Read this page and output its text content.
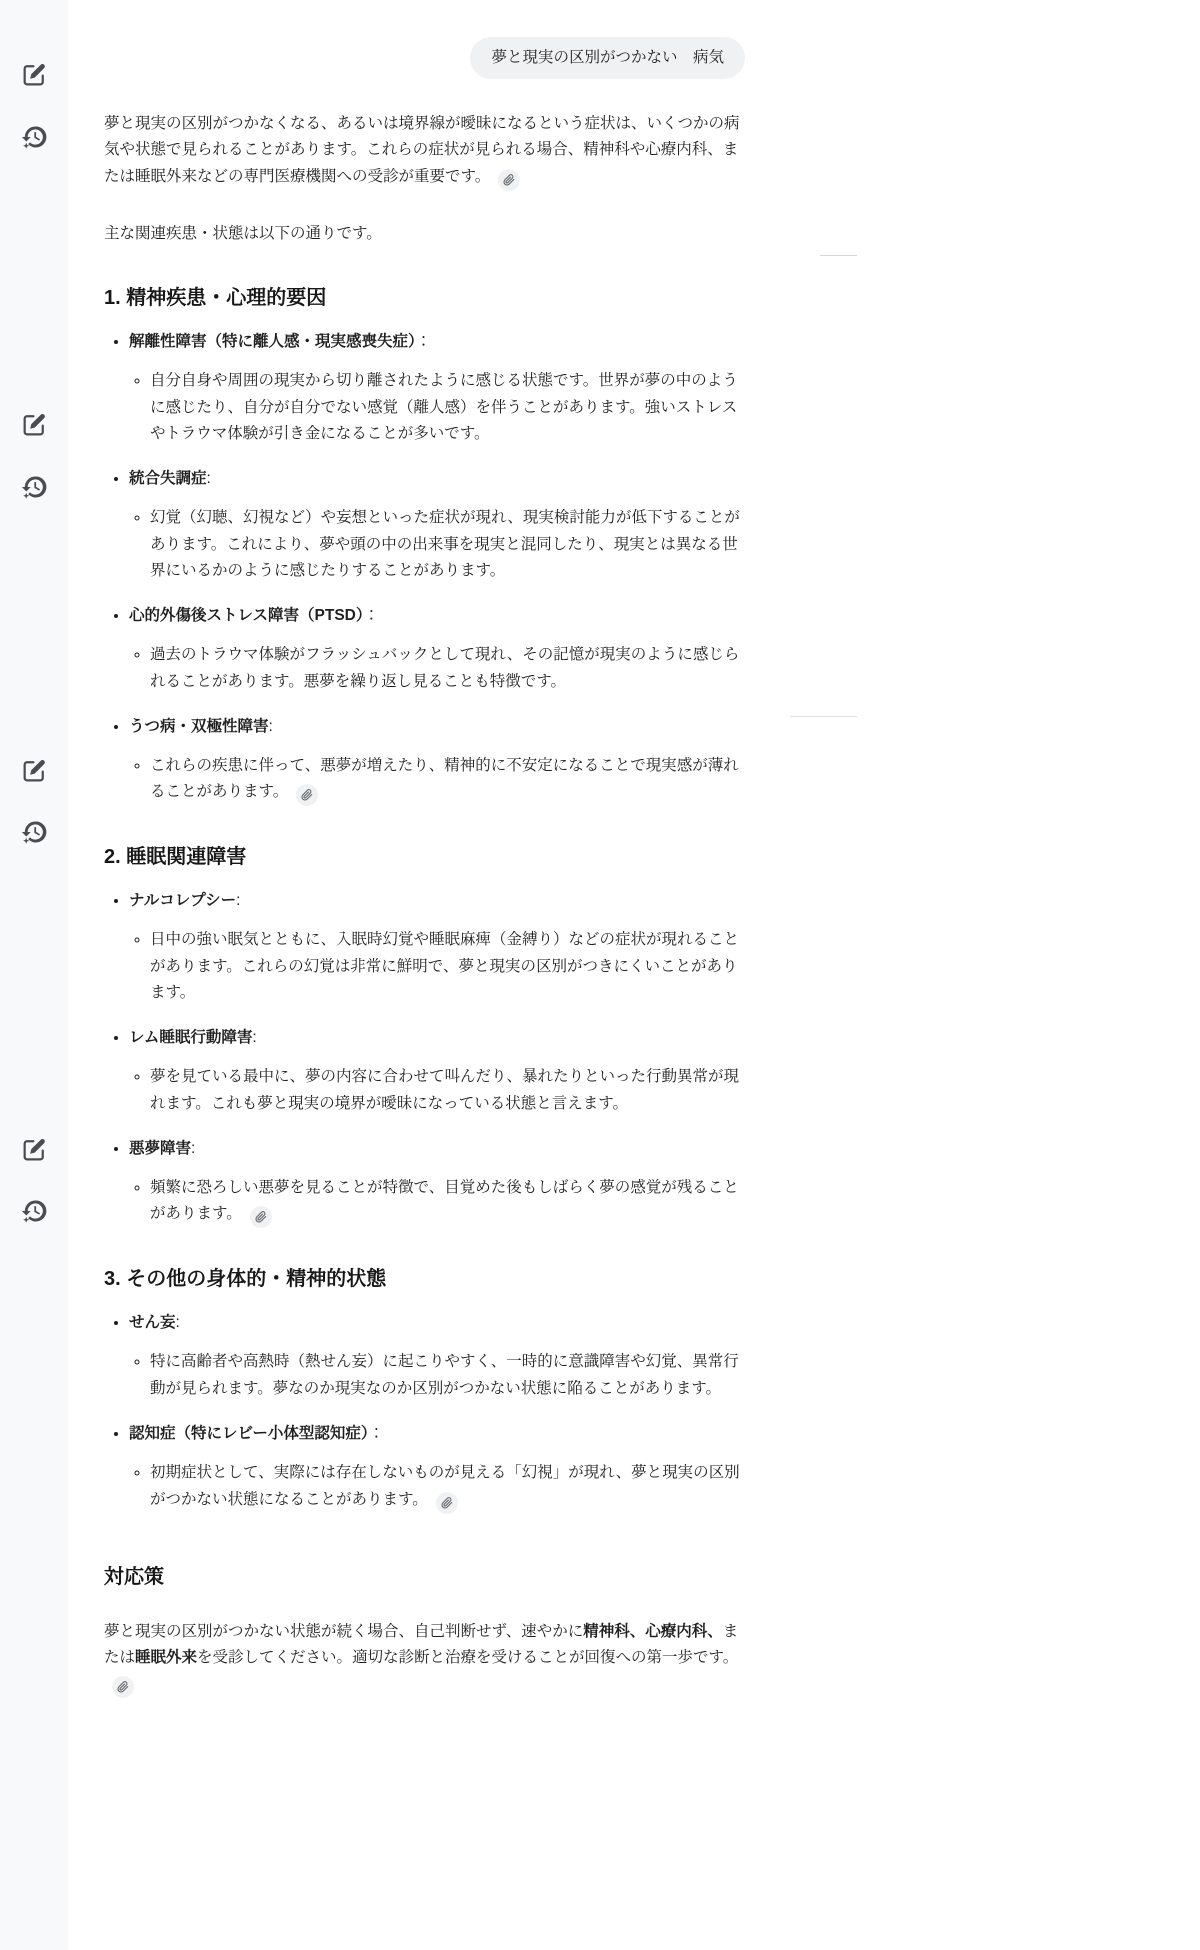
夢と現実の区別がつかない　病気

夢と現実の区別がつかなくなる、あるいは境界線が曖昧になるという症状は、いくつかの病気や状態で見られることがあります。これらの症状が見られる場合、精神科や心療内科、または睡眠外来などの専門医療機関への受診が重要です。

主な関連疾患・状態は以下の通りです。

1. 精神疾患・心理的要因
• 解離性障害（特に離人感・現実感喪失症）：
◦ 自分自身や周囲の現実から切り離されたように感じる状態です。世界が夢の中のように感じたり、自分が自分でない感覚（離人感）を伴うことがあります。強いストレスやトラウマ体験が引き金になることが多いです。
• 統合失調症:
◦ 幻覚（幻聴、幻視など）や妄想といった症状が現れ、現実検討能力が低下することがあります。これにより、夢や頭の中の出来事を現実と混同したり、現実とは異なる世界にいるかのように感じたりすることがあります。
• 心的外傷後ストレス障害（PTSD）：
◦ 過去のトラウマ体験がフラッシュバックとして現れ、その記憶が現実のように感じられることがあります。悪夢を繰り返し見ることも特徴です。
• うつ病・双極性障害:
◦ これらの疾患に伴って、悪夢が増えたり、精神的に不安定になることで現実感が薄れることがあります。
2. 睡眠関連障害
• ナルコレプシー:
◦ 日中の強い眠気とともに、入眠時幻覚や睡眠麻痺（金縛り）などの症状が現れることがあります。これらの幻覚は非常に鮮明で、夢と現実の区別がつきにくいことがあります。
• レム睡眠行動障害:
◦ 夢を見ている最中に、夢の内容に合わせて叫んだり、暴れたりといった行動異常が現れます。これも夢と現実の境界が曖昧になっている状態と言えます。
• 悪夢障害:
◦ 頻繁に恐ろしい悪夢を見ることが特徴で、目覚めた後もしばらく夢の感覚が残ることがあります。
3. その他の身体的・精神的状態
• せん妄:
◦ 特に高齢者や高熱時（熱せん妄）に起こりやすく、一時的に意識障害や幻覚、異常行動が見られます。夢なのか現実なのか区別がつかない状態に陥ることがあります。
• 認知症（特にレビー小体型認知症）：
◦ 初期症状として、実際には存在しないものが見える「幻視」が現れ、夢と現実の区別がつかない状態になることがあります。
対応策

夢と現実の区別がつかない状態が続く場合、自己判断せず、速やかに精神科、心療内科、または睡眠外来を受診してください。適切な診断と治療を受けることが回復への第一歩です。
